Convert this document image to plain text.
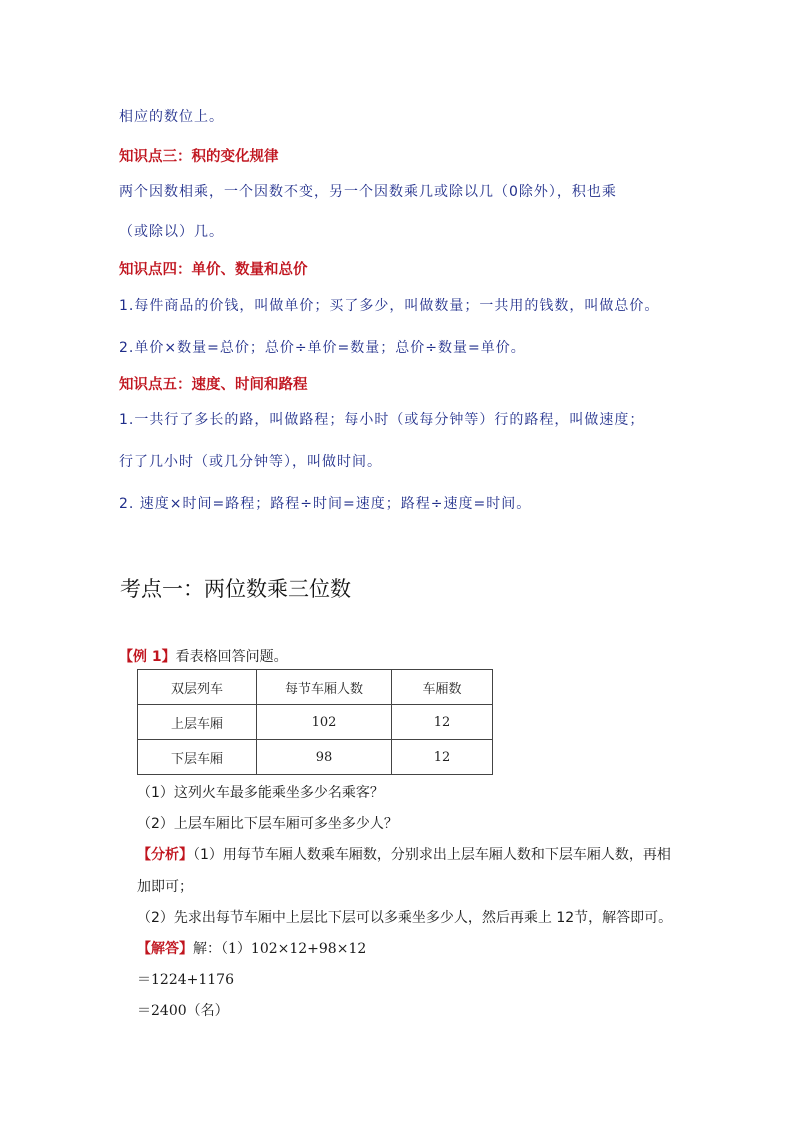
相应的数位上。
知识点三：积的变化规律
两个因数相乘，一个因数不变，另一个因数乘几或除以几（0除外），积也乘
（或除以）几。
知识点四：单价、数量和总价
1.每件商品的价钱，叫做单价；买了多少，叫做数量；一共用的钱数，叫做总价。
2.单价×数量=总价；总价÷单价=数量；总价÷数量=单价。
知识点五：速度、时间和路程
1.一共行了多长的路，叫做路程；每小时（或每分钟等）行的路程，叫做速度；
行了几小时（或几分钟等），叫做时间。
2. 速度×时间=路程；路程÷时间=速度；路程÷速度=时间。
考点一：两位数乘三位数
【例 1】看表格回答问题。
双层列车	每节车厢人数	车厢数
上层车厢	102	12
下层车厢	98	12
（1）这列火车最多能乘坐多少名乘客？
（2）上层车厢比下层车厢可多坐多少人？
【分析】（1）用每节车厢人数乘车厢数，分别求出上层车厢人数和下层车厢人数，再相
加即可；
（2）先求出每节车厢中上层比下层可以多乘坐多少人，然后再乘上 12节，解答即可。
【解答】解：（1）102×12+98×12
＝1224+1176
＝2400（名）
